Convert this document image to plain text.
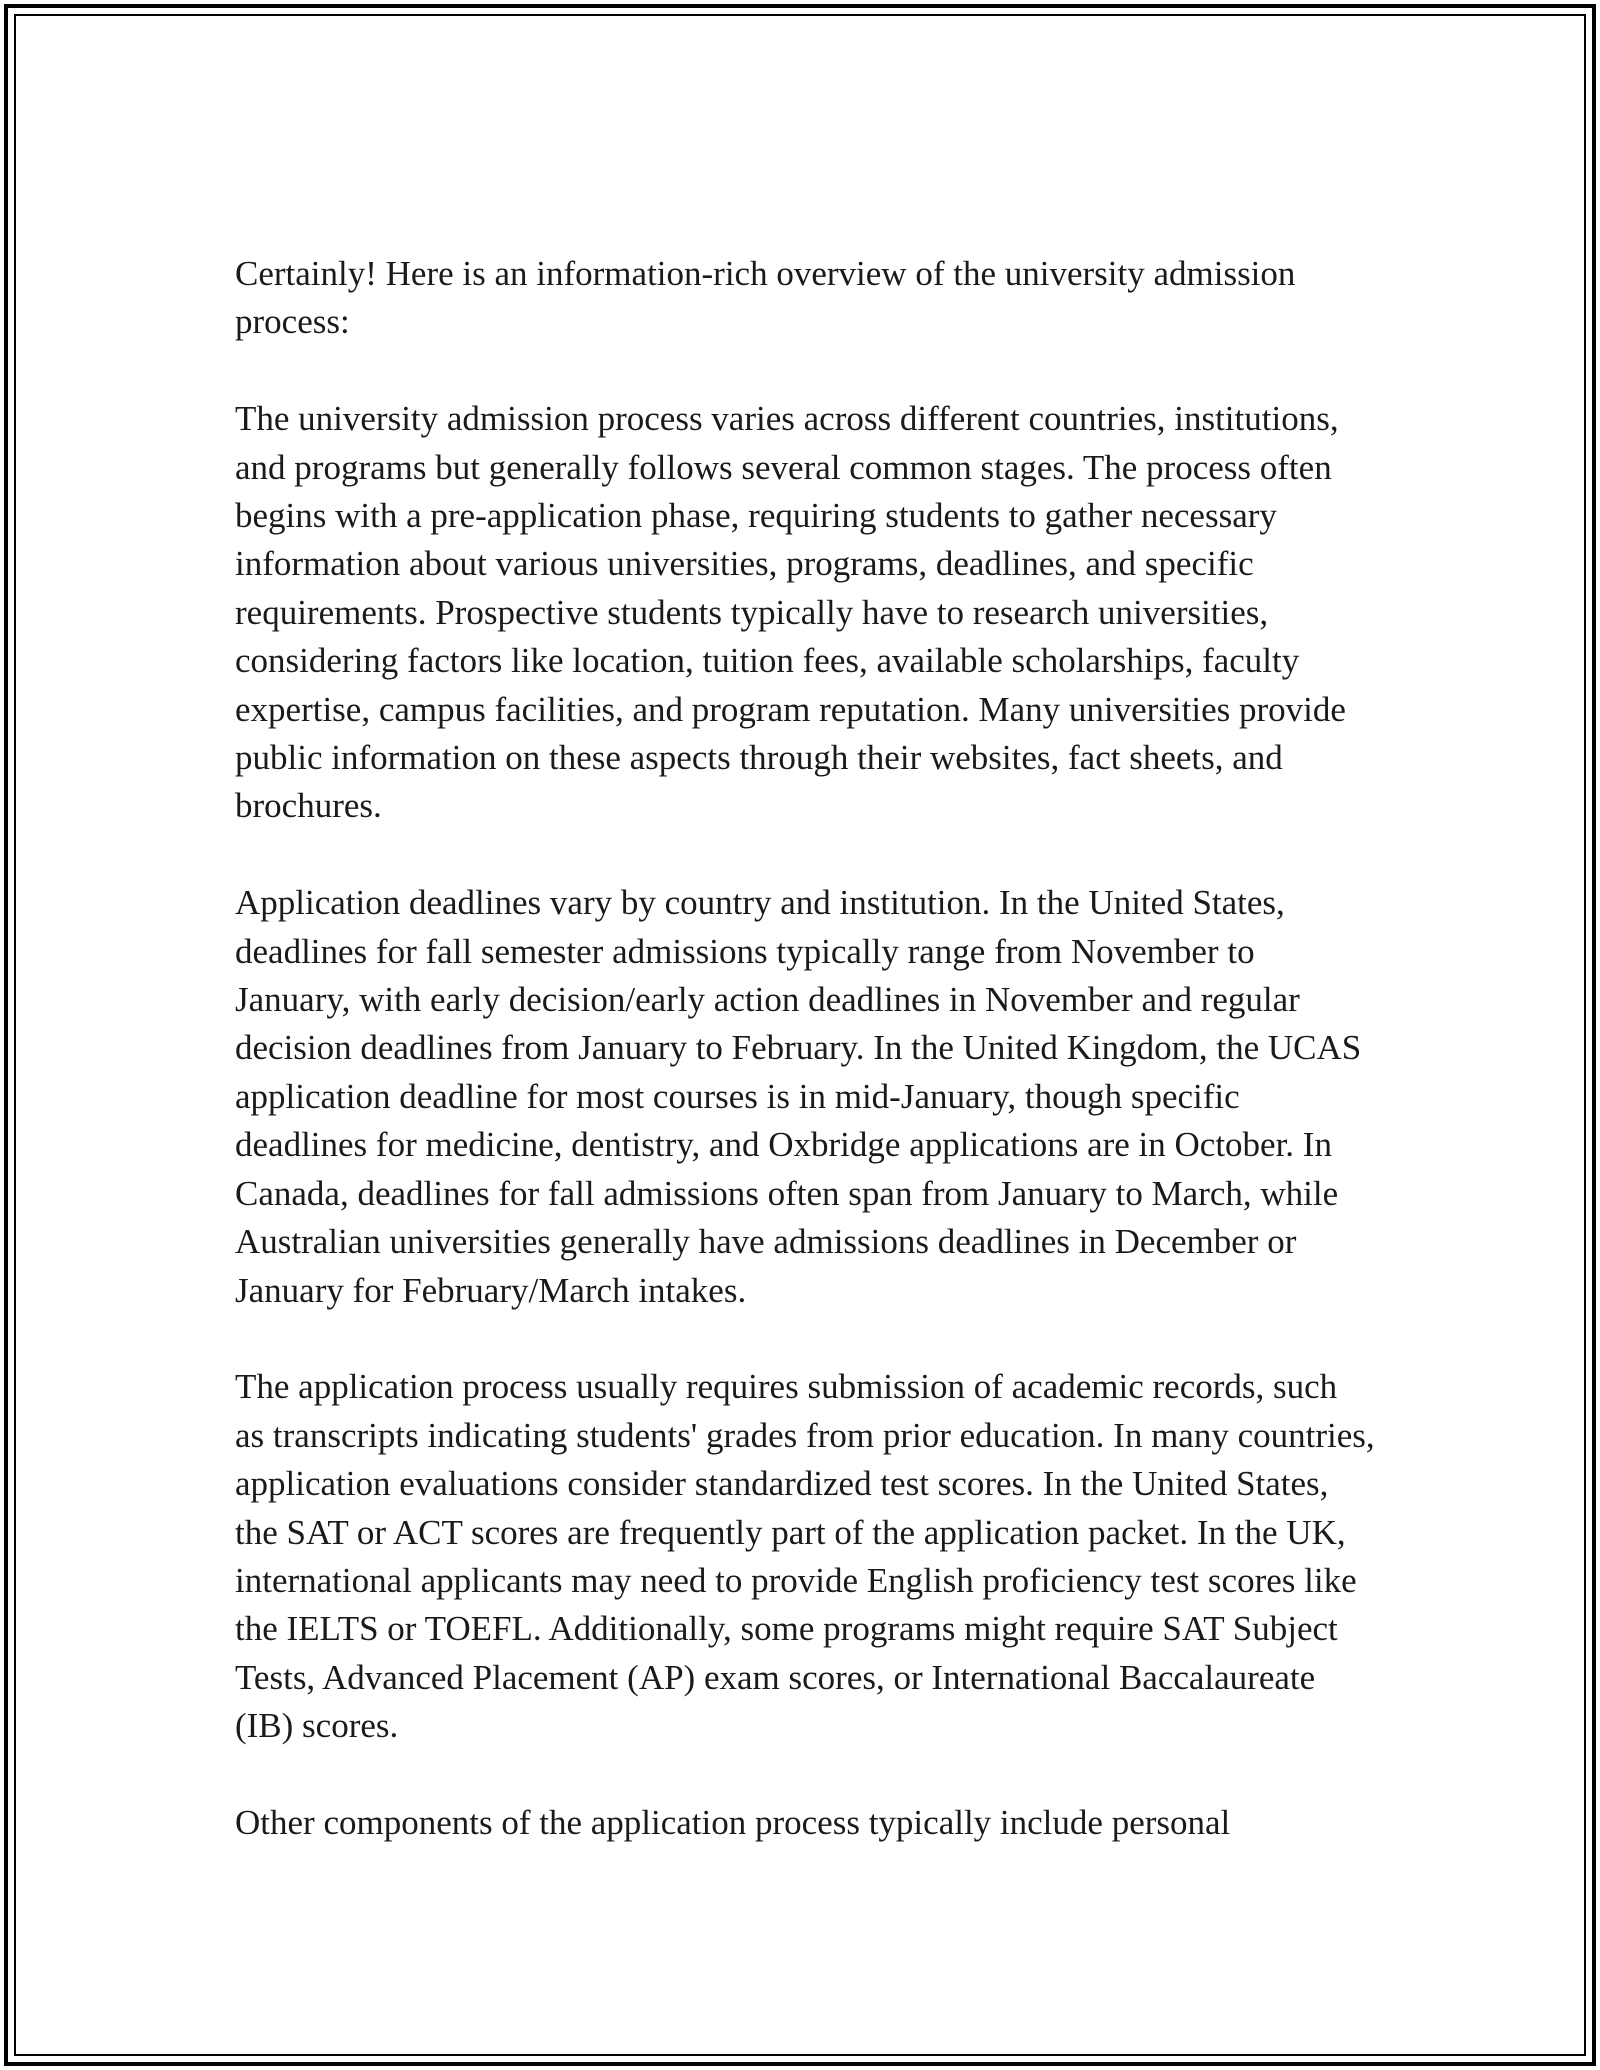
Certainly! Here is an information-rich overview of the university admission process:

The university admission process varies across different countries, institutions, and programs but generally follows several common stages. The process often begins with a pre-application phase, requiring students to gather necessary information about various universities, programs, deadlines, and specific requirements. Prospective students typically have to research universities, considering factors like location, tuition fees, available scholarships, faculty expertise, campus facilities, and program reputation. Many universities provide public information on these aspects through their websites, fact sheets, and brochures.

Application deadlines vary by country and institution. In the United States, deadlines for fall semester admissions typically range from November to January, with early decision/early action deadlines in November and regular decision deadlines from January to February. In the United Kingdom, the UCAS application deadline for most courses is in mid-January, though specific deadlines for medicine, dentistry, and Oxbridge applications are in October. In Canada, deadlines for fall admissions often span from January to March, while Australian universities generally have admissions deadlines in December or January for February/March intakes.

The application process usually requires submission of academic records, such as transcripts indicating students' grades from prior education. In many countries, application evaluations consider standardized test scores. In the United States, the SAT or ACT scores are frequently part of the application packet. In the UK, international applicants may need to provide English proficiency test scores like the IELTS or TOEFL. Additionally, some programs might require SAT Subject Tests, Advanced Placement (AP) exam scores, or International Baccalaureate (IB) scores.

Other components of the application process typically include personal
